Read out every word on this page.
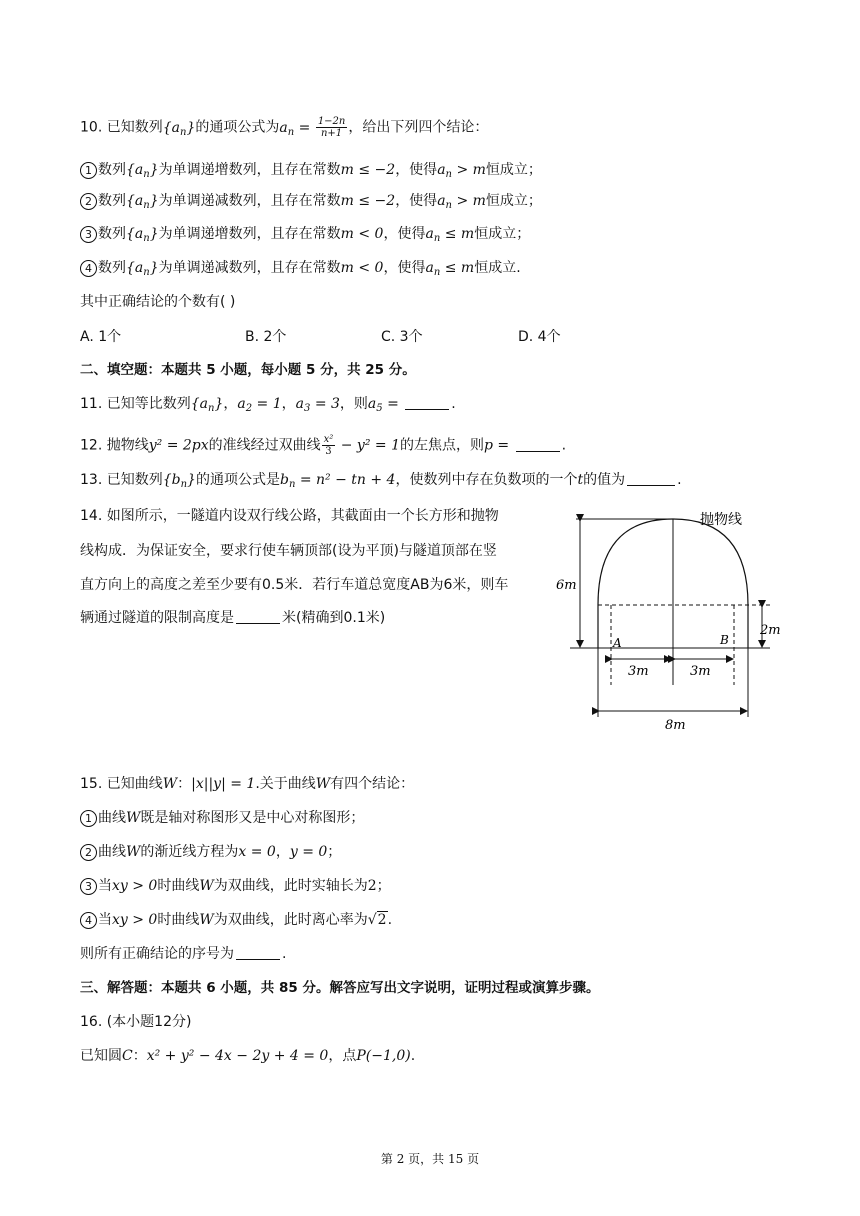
10. 已知数列$\{a_n\}$的通项公式为$a_n = \frac{1-2n}{n+1}$ ，给出下列四个结论：
1 数列$\{a_n\}$为单调递增数列，且存在常数m ≤ −2，使得$a_n > m$恒成立；
2 数列$\{a_n\}$为单调递减数列，且存在常数m ≤ −2，使得$a_n > m$恒成立；
3 数列$\{a_n\}$为单调递增数列，且存在常数m < 0，使得$a_n \le m$恒成立；
4 数列$\{a_n\}$为单调递减数列，且存在常数m < 0，使得$a_n \le m$恒成立.
其中正确结论的个数有( )
A. 1个	B. 2个	C. 3个	D. 4个
二、填空题：本题共 5 小题，每小题 5 分，共 25 分。
11. 已知等比数列$\{a_n\}$，$a_2 = 1$，$a_3 = 3$，则$a_5$ =	.
12. 抛物线y² = 2px的准线经过双曲线 $\frac{\text{x²}}{3} - y^2 = 1$的左焦点，则p =	.
13. 已知数列$\{b_n\}$的通项公式是$b_n = n^2$ − tn + 4，使数列中存在负数项的一个t的值为	.
14. 如图所示，一隧道内设双行线公路，其截面由一个长方形和抛物
线构成．为保证安全，要求行使车辆顶部(设为平顶)与隧道顶部在竖
直方向上的高度之差至少要有0.5米．若行车道总宽度AB为6米，则车
辆通过隧道的限制高度是	米(精确到0.1米)
抛物线
6m
2m
A	B
3m	3m
8m
15. 已知曲线W：|x||y| = 1.关于曲线W有四个结论：
1 曲线W既是轴对称图形又是中心对称图形；
2 曲线W的渐近线方程为x = 0，y = 0；
3 当xy > 0时曲线W为双曲线，此时实轴长为2；
4 当xy > 0时曲线W为双曲线，此时离心率为√2.
则所有正确结论的序号为	.
三、解答题：本题共 6 小题，共 85 分。解答应写出文字说明，证明过程或演算步骤。
16. (本小题12分)
已知圆C：x² + y² − 4x − 2y + 4 = 0，点P(−1,0).
第 2 页，共 15 页
